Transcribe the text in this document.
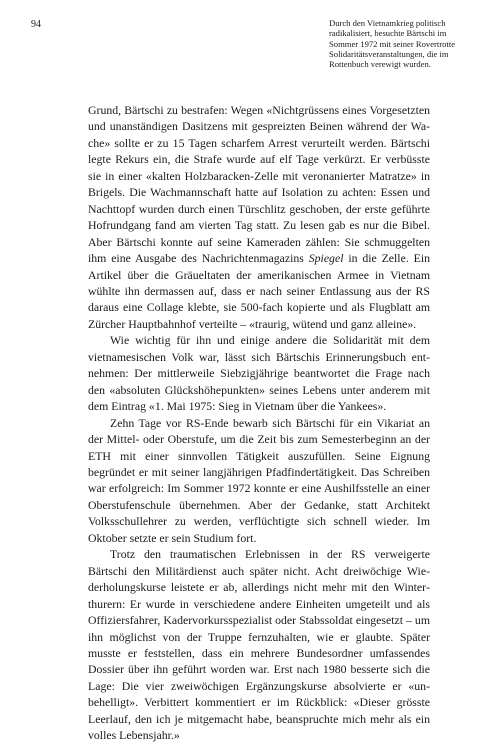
94	Durch den Vietnamkrieg politisch radikalisiert, besuchte Bärtschi im Sommer 1972 mit seiner Rovertrotte Solidaritätsveranstaltungen, die im Rottenbuch verewigt wurden.

Grund, Bärtschi zu bestrafen: Wegen «Nichtgrüssens eines Vorgesetzten und unanständigen Dasitzens mit gespreizten Beinen während der Wache» sollte er zu 15 Tagen scharfem Arrest verurteilt werden. Bärtschi legte Rekurs ein, die Strafe wurde auf elf Tage verkürzt. Er verbüsste sie in einer «kalten Holzbaracken-Zelle mit veronanierter Matratze» in Brigels. Die Wachmannschaft hatte auf Isolation zu achten: Essen und Nachttopf wurden durch einen Türschlitz geschoben, der erste geführte Hofrundgang fand am vierten Tag statt. Zu lesen gab es nur die Bibel. Aber Bärtschi konnte auf seine Kameraden zählen: Sie schmuggelten ihm eine Ausgabe des Nachrichtenmagazins Spiegel in die Zelle. Ein Artikel über die Gräueltaten der amerikanischen Armee in Vietnam wühlte ihn dermassen auf, dass er nach seiner Entlassung aus der RS daraus eine Collage klebte, sie 500-fach kopierte und als Flugblatt am Zürcher Hauptbahnhof verteilte – «traurig, wütend und ganz alleine».

Wie wichtig für ihn und einige andere die Solidarität mit dem vietnamesischen Volk war, lässt sich Bärtschis Erinnerungsbuch entnehmen: Der mittlerweile Siebzigjährige beantwortet die Frage nach den «absoluten Glückshöhepunkten» seines Lebens unter anderem mit dem Eintrag «1. Mai 1975: Sieg in Vietnam über die Yankees».

Zehn Tage vor RS-Ende bewarb sich Bärtschi für ein Vikariat an der Mittel- oder Oberstufe, um die Zeit bis zum Semesterbeginn an der ETH mit einer sinnvollen Tätigkeit auszufüllen. Seine Eignung begründet er mit seiner langjährigen Pfadfindertätigkeit. Das Schreiben war erfolgreich: Im Sommer 1972 konnte er eine Aushilfsstelle an einer Oberstufenschule übernehmen. Aber der Gedanke, statt Architekt Volksschullehrer zu werden, verflüchtigte sich schnell wieder. Im Oktober setzte er sein Studium fort.

Trotz den traumatischen Erlebnissen in der RS verweigerte Bärtschi den Militärdienst auch später nicht. Acht dreiwöchige Wiederholungskurse leistete er ab, allerdings nicht mehr mit den Winterthurern: Er wurde in verschiedene andere Einheiten umgeteilt und als Offiziersfahrer, Kadervorkursspezialist oder Stabssoldat eingesetzt – um ihn möglichst von der Truppe fernzuhalten, wie er glaubte. Später musste er feststellen, dass ein mehrere Bundesordner umfassendes Dossier über ihn geführt worden war. Erst nach 1980 besserte sich die Lage: Die vier zweiwöchigen Ergänzungskurse absolvierte er «unbehelligt». Verbittert kommentiert er im Rückblick: «Dieser grösste Leerlauf, den ich je mitgemacht habe, beanspruchte mich mehr als ein volles Lebensjahr.»
